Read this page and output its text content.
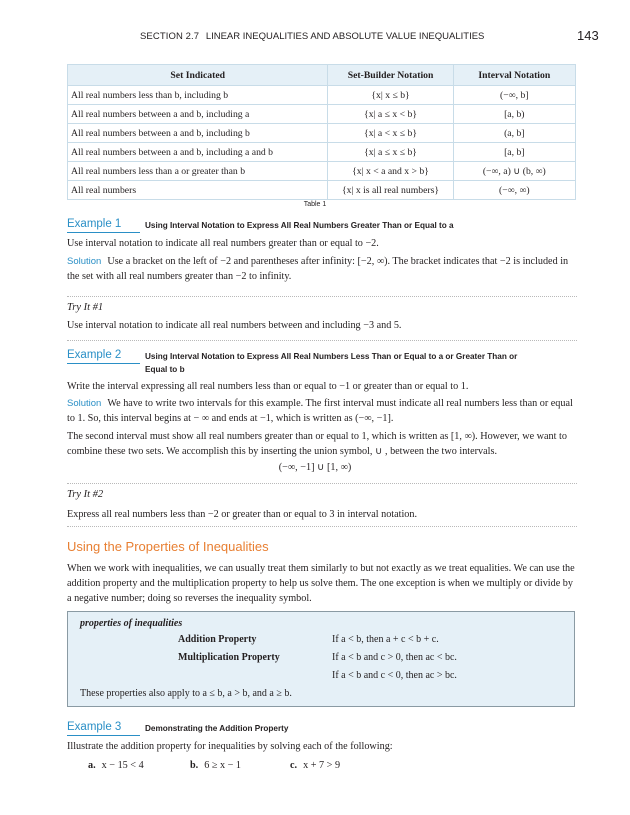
SECTION 2.7 LINEAR INEQUALITIES AND ABSOLUTE VALUE INEQUALITIES	143
Set Indicated	Set-Builder Notation	Interval Notation
All real numbers less than b, including b	{x| x ≤ b}	(−∞, b]
All real numbers between a and b, including a	{x| a ≤ x < b}	[a, b)
All real numbers between a and b, including b	{x| a < x ≤ b}	(a, b]
All real numbers between a and b, including a and b	{x| a ≤ x ≤ b}	[a, b]
All real numbers less than a or greater than b	{x| x < a and x > b}	(−∞, a) ∪ (b, ∞)
All real numbers	{x| x is all real numbers}	(−∞, ∞)
Table 1
Example 1	Using Interval Notation to Express All Real Numbers Greater Than or Equal to a
Use interval notation to indicate all real numbers greater than or equal to −2.
Solution Use a bracket on the left of −2 and parentheses after infinity: [−2, ∞). The bracket indicates that −2 is included in the set with all real numbers greater than −2 to infinity.
Try It #1
Use interval notation to indicate all real numbers between and including −3 and 5.
Example 2	Using Interval Notation to Express All Real Numbers Less Than or Equal to a or Greater Than or
Equal to b
Write the interval expressing all real numbers less than or equal to −1 or greater than or equal to 1.
Solution We have to write two intervals for this example. The first interval must indicate all real numbers less than or equal to 1. So, this interval begins at − ∞ and ends at −1, which is written as (−∞, −1].
The second interval must show all real numbers greater than or equal to 1, which is written as [1, ∞). However, we want to combine these two sets. We accomplish this by inserting the union symbol, ∪ , between the two intervals.
(−∞, −1] ∪ [1, ∞)
Try It #2
Express all real numbers less than −2 or greater than or equal to 3 in interval notation.
Using the Properties of Inequalities
When we work with inequalities, we can usually treat them similarly to but not exactly as we treat equalities. We can use the addition property and the multiplication property to help us solve them. The one exception is when we multiply or divide by a negative number; doing so reverses the inequality symbol.
properties of inequalities
Addition Property	If a < b, then a + c < b + c.
Multiplication Property	If a < b and c > 0, then ac < bc.
If a < b and c < 0, then ac > bc.
These properties also apply to a ≤ b, a > b, and a ≥ b.
Example 3	Demonstrating the Addition Property
Illustrate the addition property for inequalities by solving each of the following:
a. x − 15 < 4	b. 6 ≥ x − 1	c. x + 7 > 9
